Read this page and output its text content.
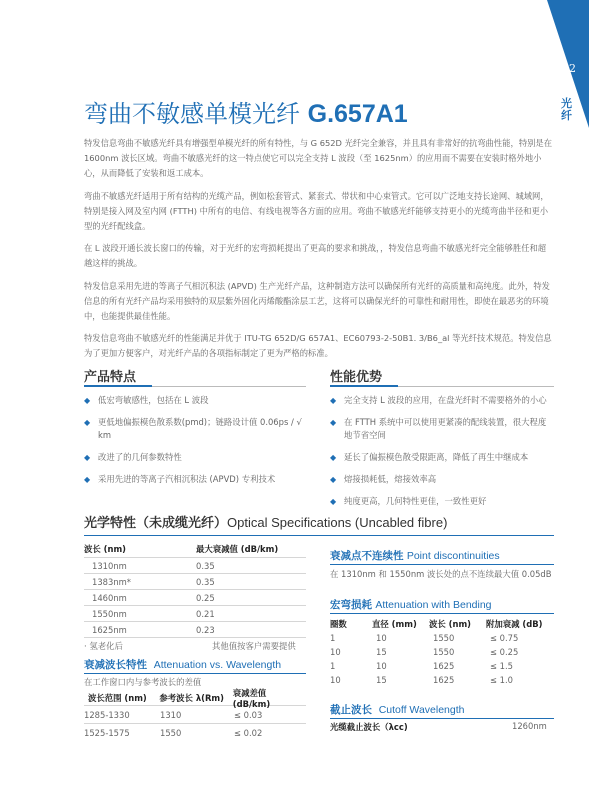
12
光纤
弯曲不敏感单模光纤 G.657A1

特发信息弯曲不敏感光纤具有增强型单模光纤的所有特性，与 G 652D 光纤完全兼容，并且具有非常好的抗弯曲性能，特别是在 1600nm 波长区域。弯曲不敏感光纤的这一特点使它可以完全支持 L 波段（至 1625nm）的应用而不需要在安装时格外地小心，从而降低了安装和返工成本。

弯曲不敏感光纤适用于所有结构的光缆产品，例如松套管式、紧套式、带状和中心束管式。它可以广泛地支持长途网、城域网，特别是接入网及室内网 (FTTH) 中所有的电信、有线电视等各方面的应用。弯曲不敏感光纤能够支持更小的光缆弯曲半径和更小型的光纤配线盒。

在 L 波段开通长波长窗口的传输，对于光纤的宏弯损耗提出了更高的要求和挑战，，特发信息弯曲不敏感光纤完全能够胜任和超越这样的挑战。

特发信息采用先进的等离子气相沉积法 (APVD) 生产光纤产品，这种制造方法可以确保所有光纤的高质量和高纯度。此外，特发信息的所有光纤产品均采用独特的双层紫外固化丙烯酸酯涂层工艺，这将可以确保光纤的可靠性和耐用性，即使在最恶劣的环境中，也能提供最佳性能。

特发信息弯曲不敏感光纤的性能满足并优于 ITU-TG 652D/G 657A1、EC60793-2-50B1. 3/B6_al 等光纤技术规范。特发信息为了更加方便客户，对光纤产品的各项指标制定了更为严格的标准。

产品特点
◆ 低宏弯敏感性，包括在 L 波段
◆ 更低地偏振模色散系数(pmd)；链路设计值 0.06ps / √ km
◆ 改进了的几何参数特性
◆ 采用先进的等离子汽相沉积法 (APVD) 专利技术
性能优势
◆ 完全支持 L 波段的应用，在盘光纤时不需要格外的小心
◆ 在 FTTH 系统中可以使用更紧凑的配线装置，很大程度地节省空间
◆ 延长了偏振模色散受限距离，降低了再生中继成本
◆ 熔接损耗低，熔接效率高
◆ 纯度更高，几何特性更佳，一致性更好
光学特性（未成缆光纤）Optical Specifications (Uncabled fibre)
波长 (nm)	最大衰减值 (dB/km)
1310nm	0.35
1383nm*	0.35
1460nm	0.25
1550nm	0.21
1625nm	0.23
· 氢老化后	其他值按客户需要提供
衰减波长特性 Attenuation vs. Wavelength
在工作窗口内与参考波长的差值
波长范围 (nm)	参考波长 λ(Rm)	衰减差值 (dB/km)
1285-1330	1310	≤ 0.03
1525-1575	1550	≤ 0.02
衰减点不连续性 Point discontinuities
在 1310nm 和 1550nm 波长处的点不连续最大值 0.05dB
宏弯损耗 Attenuation with Bending
圈数	直径 (mm)	波长 (nm)	附加衰减 (dB)
1	10	1550	≤ 0.75
10	15	1550	≤ 0.25
1	10	1625	≤ 1.5
10	15	1625	≤ 1.0
截止波长 Cutoff Wavelength
光缆截止波长（λcc)	1260nm
